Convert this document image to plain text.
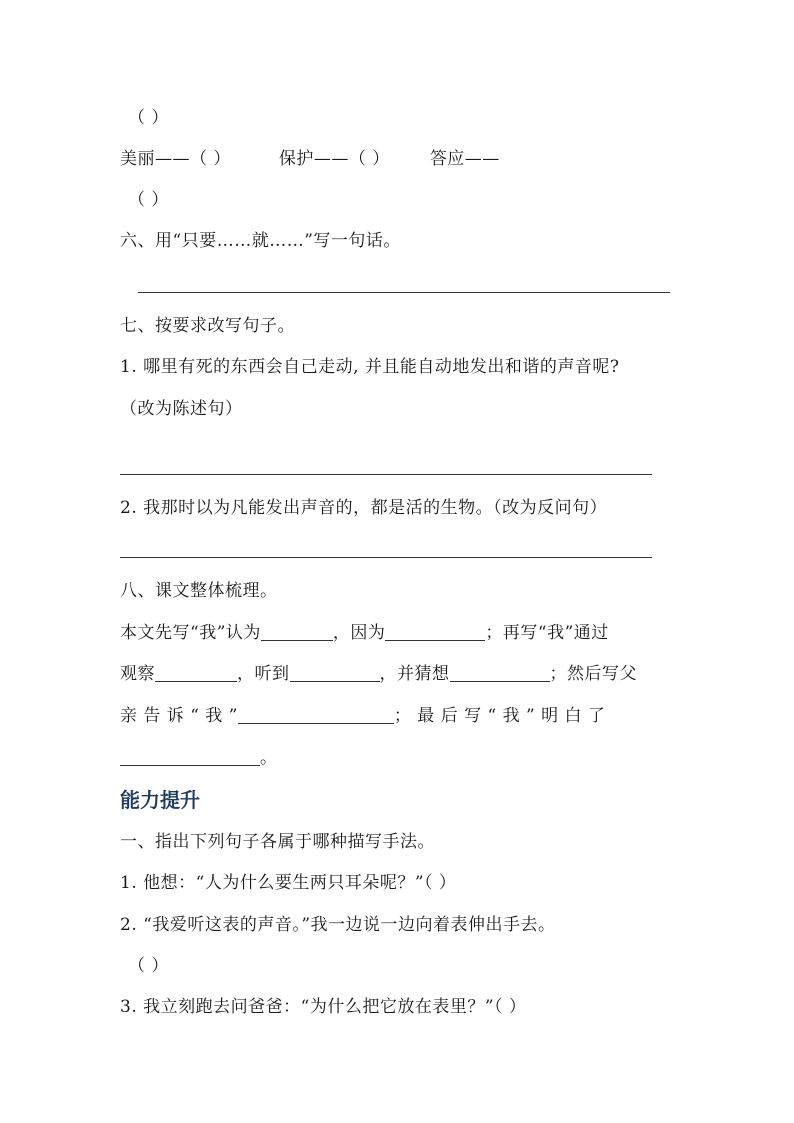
（ ）
美丽——（ ）	保护——（ ） 答应——
（ ）
六、用“只要……就……”写一句话。
七、按要求改写句子。
1. 哪里有死的东西会自己走动, 并且能自动地发出和谐的声音呢?
（改为陈述句）
2. 我那时以为凡能发出声音的，都是活的生物。（改为反问句）
八、课文整体梳理。
本文先写“我”认为	，因为	；再写“我”通过
观察	，听到	，并猜想	；然后写父
亲 告 诉 “ 我 ”	； 最 后 写 “ 我 ” 明 白 了
。
能力提升
一、指出下列句子各属于哪种描写手法。
1. 他想：“人为什么要生两只耳朵呢？”（ ）
2. “我爱听这表的声音。”我一边说一边向着表伸出手去。
（ ）
3. 我立刻跑去问爸爸：“为什么把它放在表里？”（ ）
